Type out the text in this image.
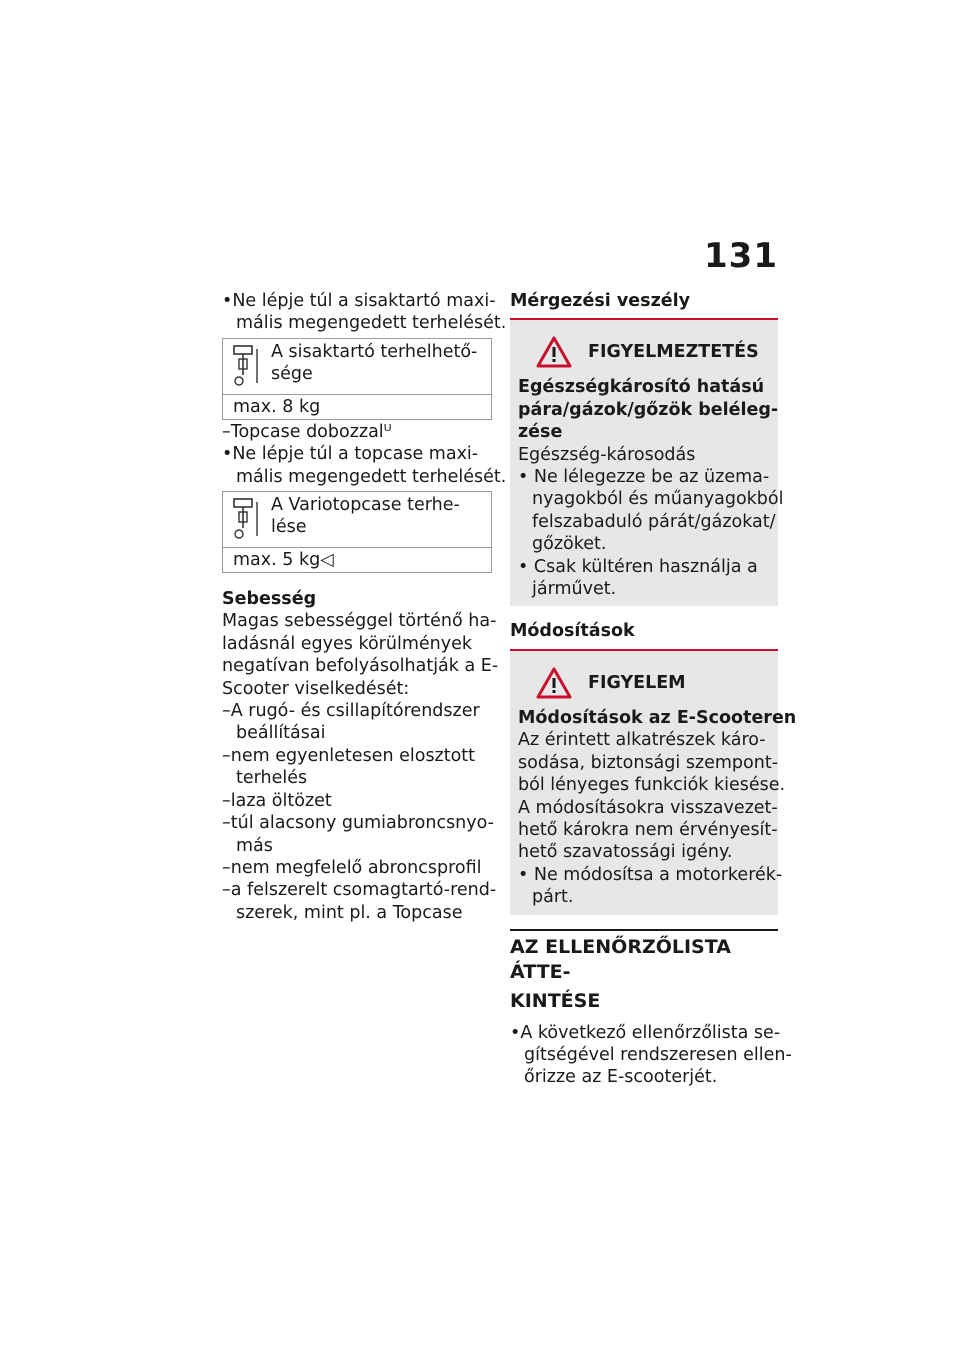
131
•Ne lépje túl a sisaktartó maxi-
mális megengedett terhelését.
A sisaktartó terhelhető-
sége
max. 8 kg
–Topcase dobozzalᵁ
•Ne lépje túl a topcase maxi-
mális megengedett terhelését.
A Variotopcase terhe-
lése
max. 5 kg◁
Sebesség
Magas sebességgel történő ha-
ladásnál egyes körülmények
negatívan befolyásolhatják a E-
Scooter viselkedését:
–A rugó- és csillapítórendszer
beállításai
–nem egyenletesen elosztott
terhelés
–laza öltözet
–túl alacsony gumiabroncsnyo-
más
–nem megfelelő abroncsprofil
–a felszerelt csomagtartó-rend-
szerek, mint pl. a Topcase
Mérgezési veszély
FIGYELMEZTETÉS
Egészségkárosító hatású
pára/gázok/gőzök beléleg-
zése
Egészség-károsodás
• Ne lélegezze be az üzema-
nyagokból és műanyagokból
felszabaduló párát/gázokat/
gőzöket.
• Csak kültéren használja a
járművet.
Módosítások
FIGYELEM
Módosítások az E-Scooteren
Az érintett alkatrészek káro-
sodása, biztonsági szempont-
ból lényeges funkciók kiesése.
A módosításokra visszavezet-
hető károkra nem érvényesít-
hető szavatossági igény.
• Ne módosítsa a motorkerék-
párt.
AZ ELLENŐRZŐLISTA ÁTTE-
KINTÉSE
•A következő ellenőrzőlista se-
gítségével rendszeresen ellen-
őrizze az E-scooterjét.
